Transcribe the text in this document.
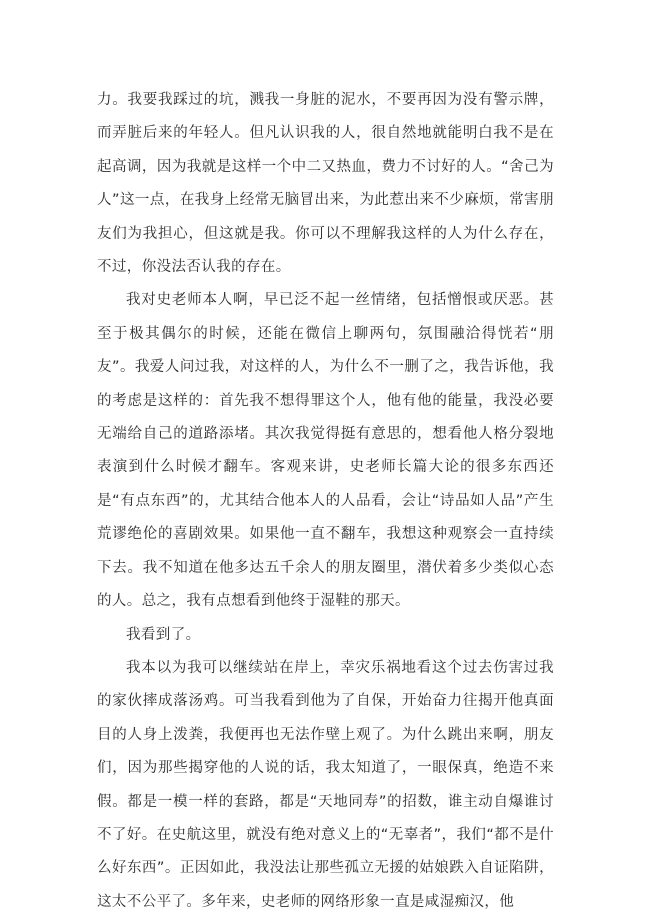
力。我要我踩过的坑，溅我一身脏的泥水，不要再因为没有警示牌，而弄脏后来的年轻人。但凡认识我的人，很自然地就能明白我不是在起高调，因为我就是这样一个中二又热血，费力不讨好的人。“舍己为人”这一点，在我身上经常无脑冒出来，为此惹出来不少麻烦，常害朋友们为我担心，但这就是我。你可以不理解我这样的人为什么存在，不过，你没法否认我的存在。

我对史老师本人啊，早已泛不起一丝情绪，包括憎恨或厌恶。甚至于极其偶尔的时候，还能在微信上聊两句，氛围融洽得恍若“朋友”。我爱人问过我，对这样的人，为什么不一删了之，我告诉他，我的考虑是这样的：首先我不想得罪这个人，他有他的能量，我没必要无端给自己的道路添堵。其次我觉得挺有意思的，想看他人格分裂地表演到什么时候才翻车。客观来讲，史老师长篇大论的很多东西还是“有点东西”的，尤其结合他本人的人品看，会让“诗品如人品”产生荒谬绝伦的喜剧效果。如果他一直不翻车，我想这种观察会一直持续下去。我不知道在他多达五千余人的朋友圈里，潜伏着多少类似心态的人。总之，我有点想看到他终于湿鞋的那天。

我看到了。

我本以为我可以继续站在岸上，幸灾乐祸地看这个过去伤害过我的家伙摔成落汤鸡。可当我看到他为了自保，开始奋力往揭开他真面目的人身上泼粪，我便再也无法作壁上观了。为什么跳出来啊，朋友们，因为那些揭穿他的人说的话，我太知道了，一眼保真，绝造不来假。都是一模一样的套路，都是“天地同寿”的招数，谁主动自爆谁讨不了好。在史航这里，就没有绝对意义上的“无辜者”，我们“都不是什么好东西”。正因如此，我没法让那些孤立无援的姑娘跌入自证陷阱，这太不公平了。多年来，史老师的网络形象一直是咸湿痴汉，他
